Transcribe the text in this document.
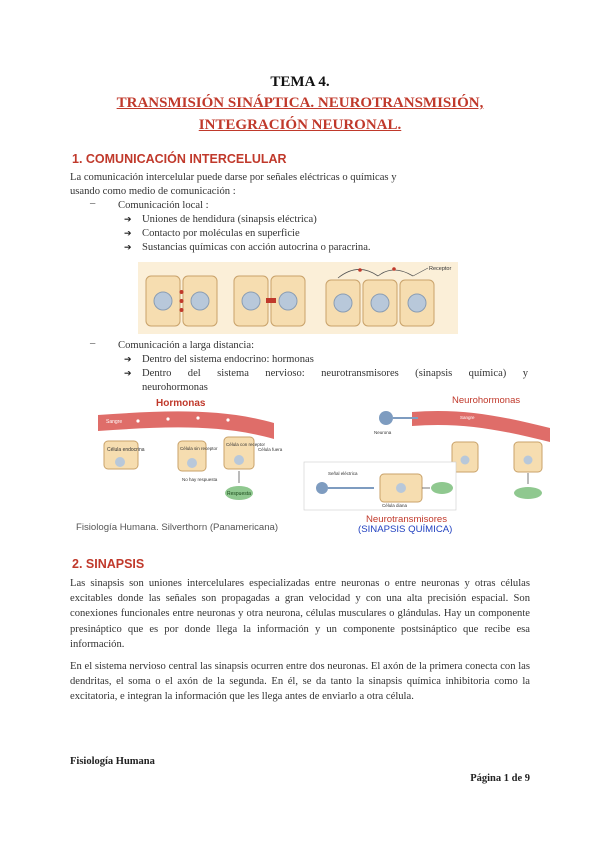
TEMA 4.
TRANSMISIÓN SINÁPTICA. NEUROTRANSMISIÓN,
INTEGRACIÓN NEURONAL.
1. COMUNICACIÓN INTERCELULAR
La comunicación intercelular puede darse por señales eléctricas o químicas y
usando como medio de comunicación :
– Comunicación local :
➔ Uniones de hendidura (sinapsis eléctrica)
➔ Contacto por moléculas en superficie
➔ Sustancias químicas con acción autocrina o paracrina.
Receptor
– Comunicación a larga distancia:
➔ Dentro del sistema endocrino: hormonas
➔ Dentro del sistema nervioso: neurotransmisores (sinapsis química) y
neurohormonas
Hormonas
Sangre
Célula endocrina	Célula sin receptor
No hay respuesta
Célula con receptor
Célula fuera
Respuesta
Fisiología Humana. Silverthorn (Panamericana)
Neurohormonas
Sangre
Neurona
Señal eléctrica
Célula diana
Neurotransmisores
(SINAPSIS QUÍMICA)
2. SINAPSIS
Las sinapsis son uniones intercelulares especializadas entre neuronas o entre neuronas y otras células excitables donde las señales son propagadas a gran velocidad y con una alta precisión espacial. Son conexiones funcionales entre neuronas y otra neurona, células musculares o glándulas. Hay un componente presináptico que es por donde llega la información y un componente postsináptico que recibe esa información.
En el sistema nervioso central las sinapsis ocurren entre dos neuronas. El axón de la primera conecta con las dendritas, el soma o el axón de la segunda. En él, se da tanto la sinapsis química inhibitoria como la excitatoria, e integran la información que les llega antes de enviarlo a otra célula.
Fisiología Humana
Página 1 de 9
